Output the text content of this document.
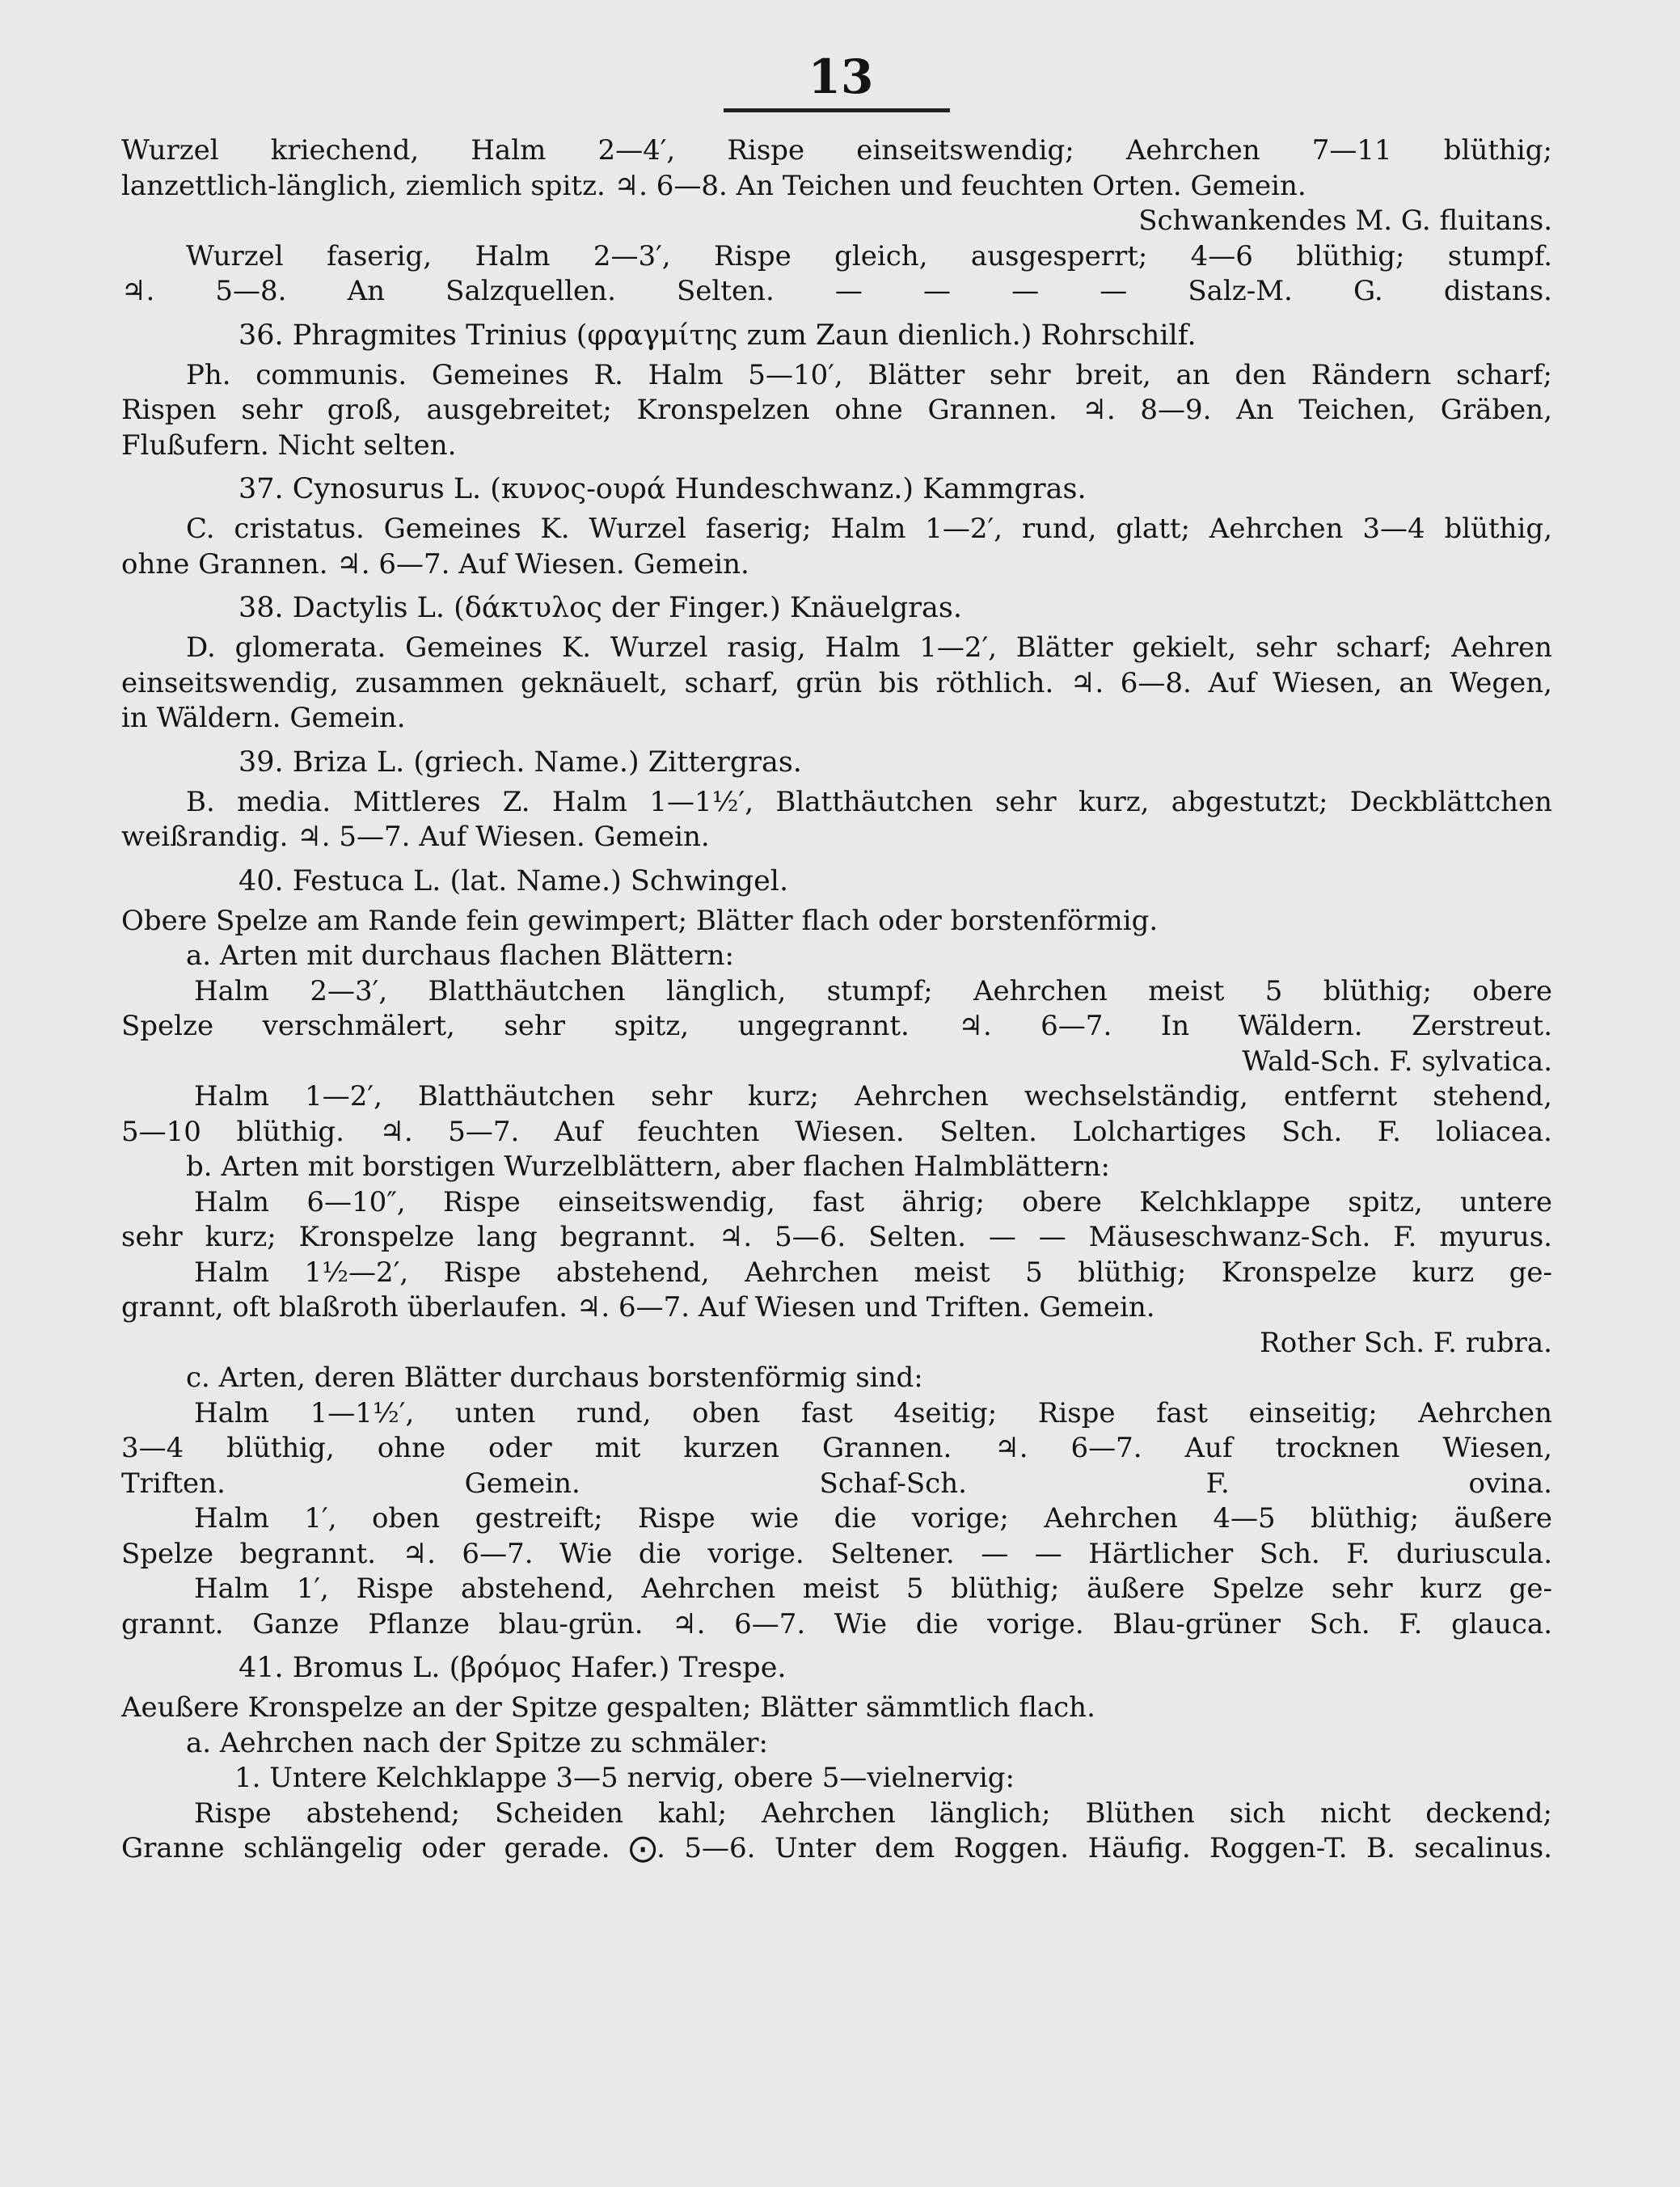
13
Wurzel kriechend, Halm 2—4′, Rispe einseitswendig; Aehrchen 7—11 blüthig;
lanzettlich-länglich, ziemlich spitz. ♃. 6—8. An Teichen und feuchten Orten. Gemein.
Schwankendes M. G. fluitans.
Wurzel faserig, Halm 2—3′, Rispe gleich, ausgesperrt; 4—6 blüthig; stumpf.
♃. 5—8. An Salzquellen. Selten. — — — — Salz-M. G. distans.
36. Phragmites Trinius (φραγμίτης zum Zaun dienlich.) Rohrschilf.
Ph. communis. Gemeines R. Halm 5—10′, Blätter sehr breit, an den Rändern scharf;
Rispen sehr groß, ausgebreitet; Kronspelzen ohne Grannen. ♃. 8—9. An Teichen, Gräben,
Flußufern. Nicht selten.
37. Cynosurus L. (κυνος-ουρά Hundeschwanz.) Kammgras.
C. cristatus. Gemeines K. Wurzel faserig; Halm 1—2′, rund, glatt; Aehrchen 3—4 blüthig,
ohne Grannen. ♃. 6—7. Auf Wiesen. Gemein.
38. Dactylis L. (δάκτυλος der Finger.) Knäuelgras.
D. glomerata. Gemeines K. Wurzel rasig, Halm 1—2′, Blätter gekielt, sehr scharf; Aehren
einseitswendig, zusammen geknäuelt, scharf, grün bis röthlich. ♃. 6—8. Auf Wiesen, an Wegen,
in Wäldern. Gemein.
39. Briza L. (griech. Name.) Zittergras.
B. media. Mittleres Z. Halm 1—1½′, Blatthäutchen sehr kurz, abgestutzt; Deckblättchen
weißrandig. ♃. 5—7. Auf Wiesen. Gemein.
40. Festuca L. (lat. Name.) Schwingel.
Obere Spelze am Rande fein gewimpert; Blätter flach oder borstenförmig.
a. Arten mit durchaus flachen Blättern:
Halm 2—3′, Blatthäutchen länglich, stumpf; Aehrchen meist 5 blüthig; obere
Spelze verschmälert, sehr spitz, ungegrannt. ♃. 6—7. In Wäldern. Zerstreut.
Wald-Sch. F. sylvatica.
Halm 1—2′, Blatthäutchen sehr kurz; Aehrchen wechselständig, entfernt stehend,
5—10 blüthig. ♃. 5—7. Auf feuchten Wiesen. Selten. Lolchartiges Sch. F. loliacea.
b. Arten mit borstigen Wurzelblättern, aber flachen Halmblättern:
Halm 6—10″, Rispe einseitswendig, fast ährig; obere Kelchklappe spitz, untere
sehr kurz; Kronspelze lang begrannt. ♃. 5—6. Selten. — — Mäuseschwanz-Sch. F. myurus.
Halm 1½—2′, Rispe abstehend, Aehrchen meist 5 blüthig; Kronspelze kurz ge-
grannt, oft blaßroth überlaufen. ♃. 6—7. Auf Wiesen und Triften. Gemein.
Rother Sch. F. rubra.
c. Arten, deren Blätter durchaus borstenförmig sind:
Halm 1—1½′, unten rund, oben fast 4seitig; Rispe fast einseitig; Aehrchen
3—4 blüthig, ohne oder mit kurzen Grannen. ♃. 6—7. Auf trocknen Wiesen,
Triften. Gemein. Schaf-Sch. F. ovina.
Halm 1′, oben gestreift; Rispe wie die vorige; Aehrchen 4—5 blüthig; äußere
Spelze begrannt. ♃. 6—7. Wie die vorige. Seltener. — — Härtlicher Sch. F. duriuscula.
Halm 1′, Rispe abstehend, Aehrchen meist 5 blüthig; äußere Spelze sehr kurz ge-
grannt. Ganze Pflanze blau-grün. ♃. 6—7. Wie die vorige. Blau-grüner Sch. F. glauca.
41. Bromus L. (βρόμος Hafer.) Trespe.
Aeußere Kronspelze an der Spitze gespalten; Blätter sämmtlich flach.
a. Aehrchen nach der Spitze zu schmäler:
1. Untere Kelchklappe 3—5 nervig, obere 5—vielnervig:
Rispe abstehend; Scheiden kahl; Aehrchen länglich; Blüthen sich nicht deckend;
Granne schlängelig oder gerade. ⨀. 5—6. Unter dem Roggen. Häufig. Roggen-T. B. secalinus.
